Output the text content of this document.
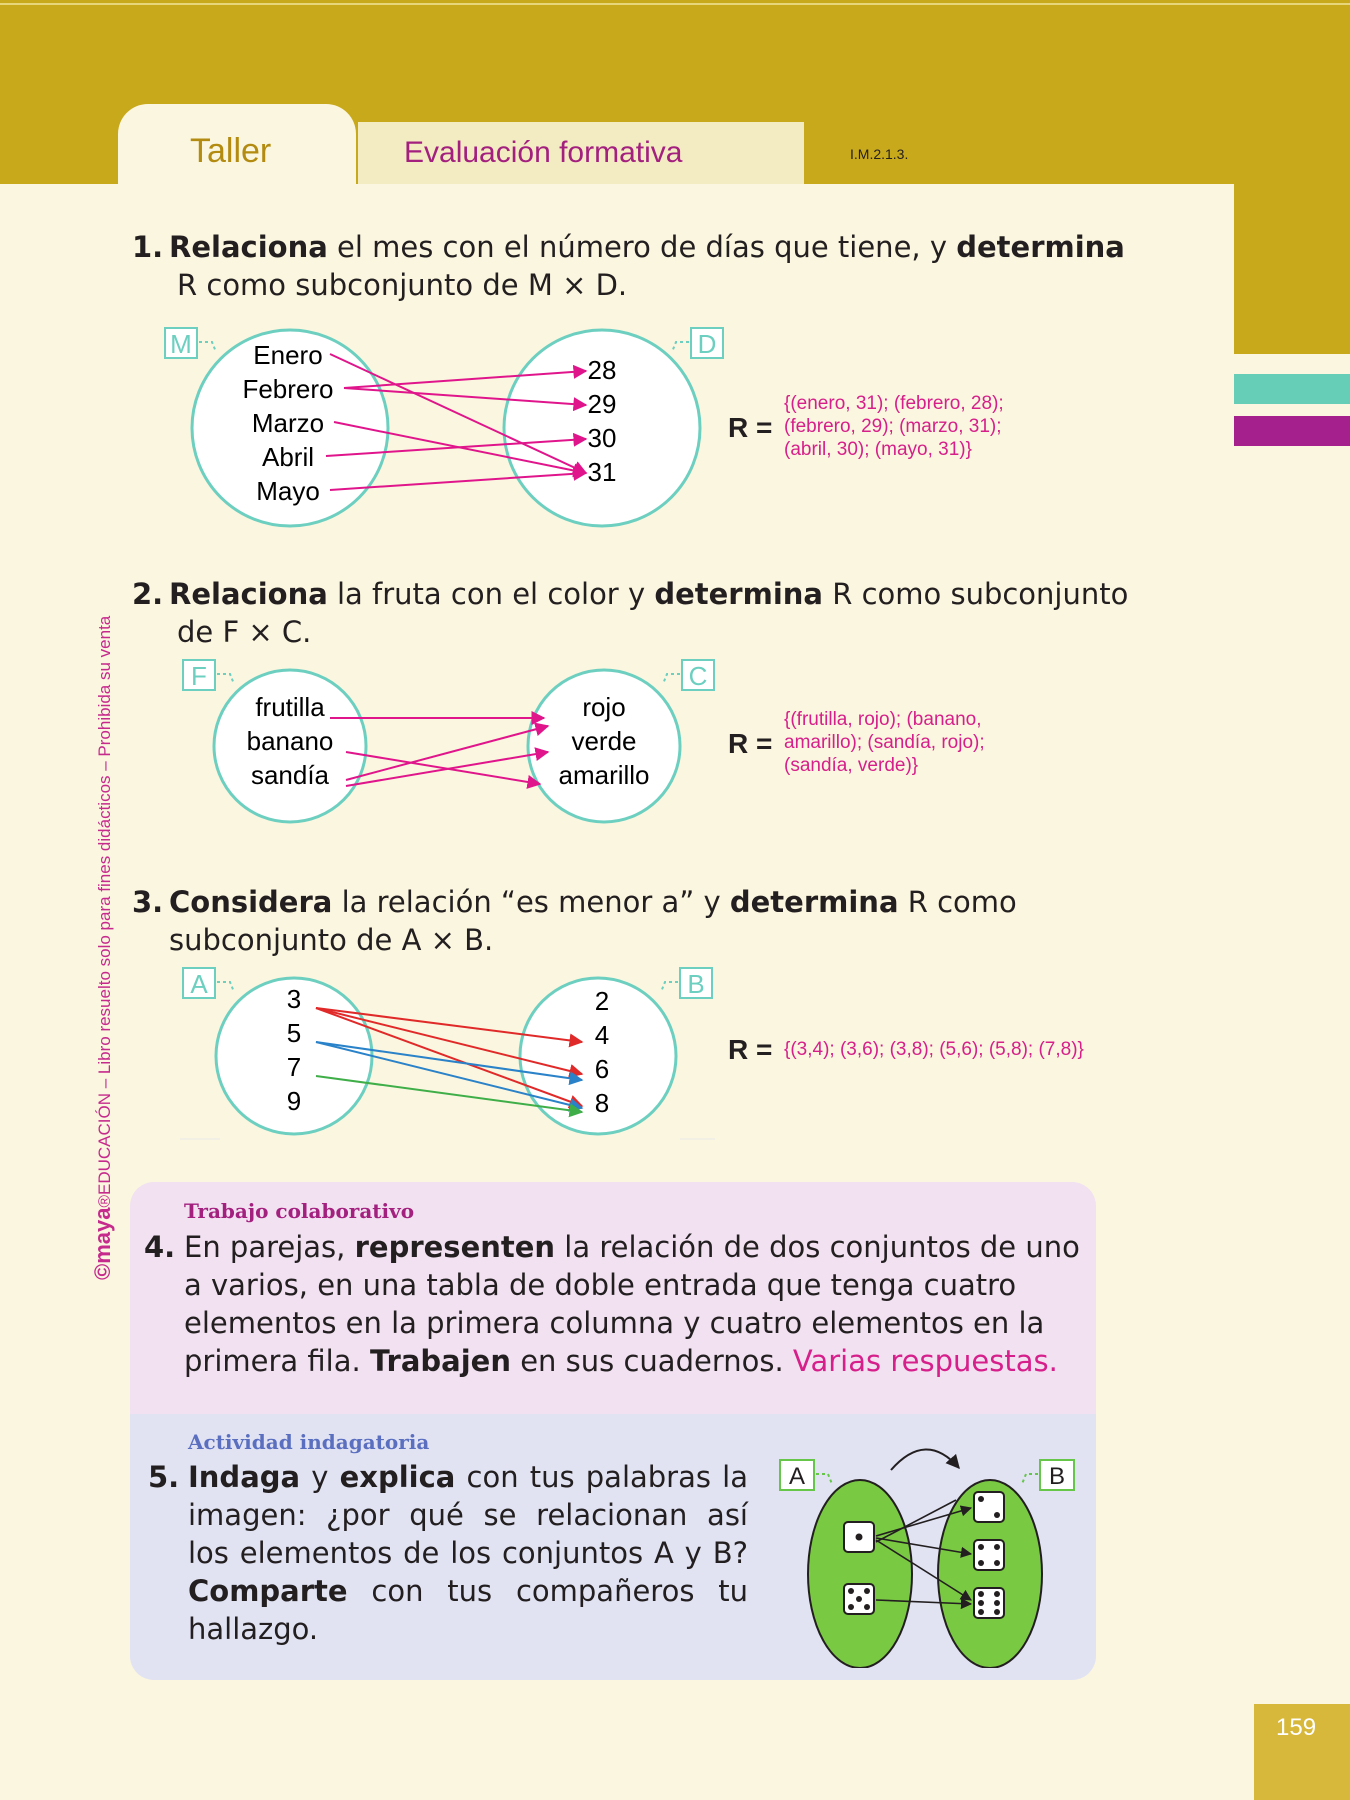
Taller	Evaluación formativa	I.M.2.1.3.
©maya®EDUCACIÓN – Libro resuelto solo para fines didácticos – Prohibida su venta
1. Relaciona el mes con el número de días que tiene, y determina
R como subconjunto de M × D.
M	D
Enero
Febrero
Marzo
Abril
Mayo
28
29
30
31
R =
{(enero, 31); (febrero, 28);
(febrero, 29); (marzo, 31);
(abril, 30); (mayo, 31)}
2. Relaciona la fruta con el color y determina R como subconjunto
de F × C.
F	C
frutilla
banano
sandía
rojo
verde
amarillo
R =
{(frutilla, rojo); (banano,
amarillo); (sandía, rojo);
(sandía, verde)}
3. Considera la relación “es menor a” y determina R como
subconjunto de A × B.
A	B
3
5
7
9
2
4
6
8
R = {(3,4); (3,6); (3,8); (5,6); (5,8); (7,8)}
Trabajo colaborativo
4. En parejas, representen la relación de dos conjuntos de uno
a varios, en una tabla de doble entrada que tenga cuatro
elementos en la primera columna y cuatro elementos en la
primera fila. Trabajen en sus cuadernos. Varias respuestas.
Actividad indagatoria
5. Indaga y explica con tus palabras la
imagen: ¿por qué se relacionan así
los elementos de los conjuntos A y B?
Comparte con tus compañeros tu
hallazgo.
A	B
159
